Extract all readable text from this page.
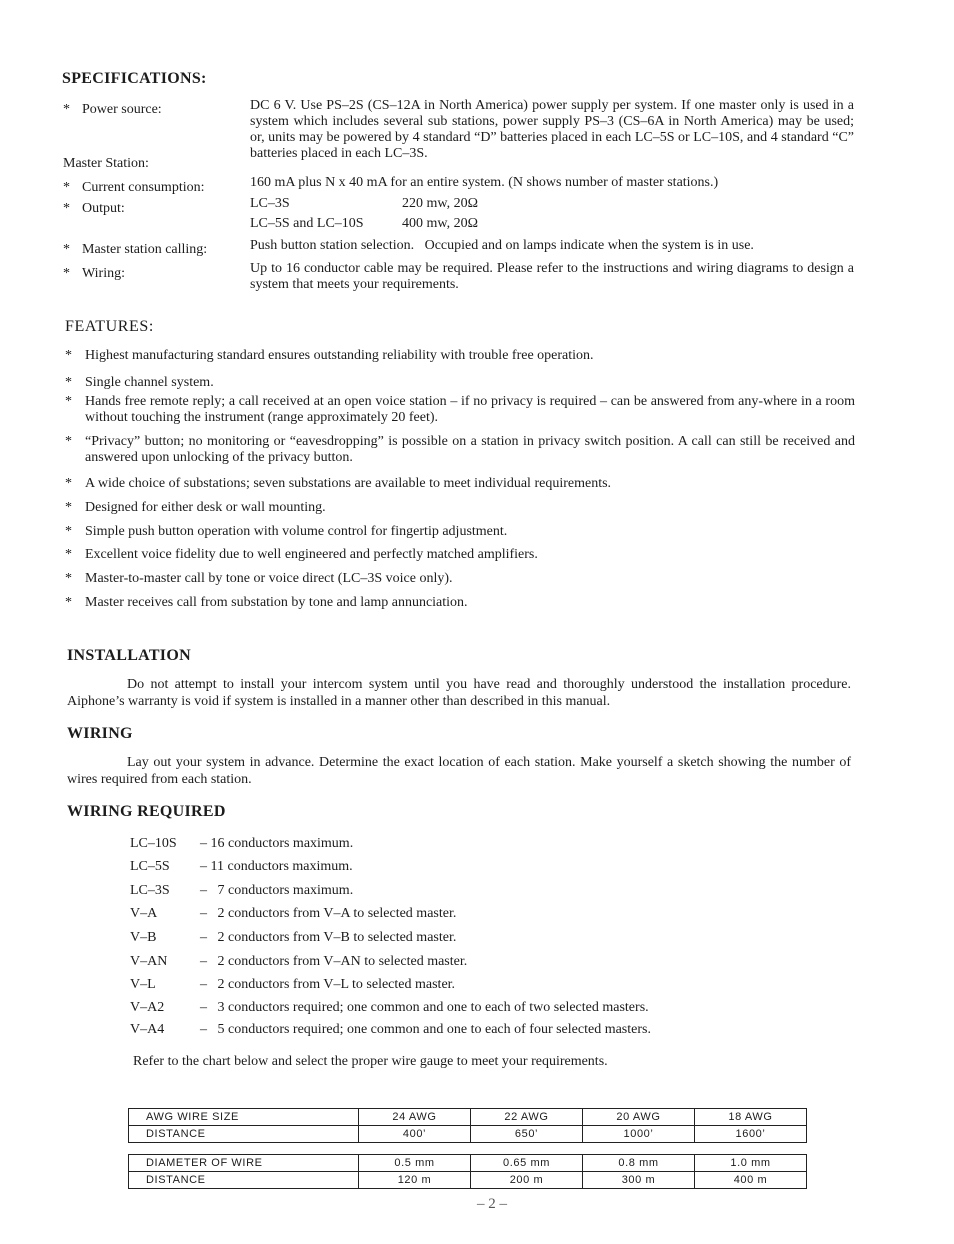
SPECIFICATIONS:
* Power source:	DC 6 V. Use PS–2S (CS–12A in North America) power supply per system. If one master only is used in a system which includes several sub stations, power supply PS–3 (CS–6A in North America) may be used; or, units may be powered by 4 standard “D” batteries placed in each LC–5S or LC–10S, and 4 standard “C” batteries placed in each LC–3S.
Master Station:
* Current consumption:	160 mA plus N x 40 mA for an entire system. (N shows number of master stations.)
* Output:	LC–3S	220 mw, 20Ω
LC–5S and LC–10S	400 mw, 20Ω
* Master station calling:	Push button station selection.   Occupied and on lamps indicate when the system is in use.
* Wiring:	Up to 16 conductor cable may be required. Please refer to the instructions and wiring diagrams to design a system that meets your requirements.
FEATURES:
* Highest manufacturing standard ensures outstanding reliability with trouble free operation.
* Single channel system.
* Hands free remote reply; a call received at an open voice station – if no privacy is required – can be answered from any-where in a room without touching the instrument (range approximately 20 feet).
* “Privacy” button; no monitoring or “eavesdropping” is possible on a station in privacy switch position. A call can still be received and answered upon unlocking of the privacy button.
* A wide choice of substations; seven substations are available to meet individual requirements.
* Designed for either desk or wall mounting.
* Simple push button operation with volume control for fingertip adjustment.
* Excellent voice fidelity due to well engineered and perfectly matched amplifiers.
* Master-to-master call by tone or voice direct (LC–3S voice only).
* Master receives call from substation by tone and lamp annunciation.
INSTALLATION
Do not attempt to install your intercom system until you have read and thoroughly understood the installation procedure. Aiphone’s warranty is void if system is installed in a manner other than described in this manual.
WIRING
Lay out your system in advance. Determine the exact location of each station. Make yourself a sketch showing the number of wires required from each station.
WIRING REQUIRED
LC–10S – 16 conductors maximum.
LC–5S – 11 conductors maximum.
LC–3S –   7 conductors maximum.
V–A	–   2 conductors from V–A to selected master.
V–B	–   2 conductors from V–B to selected master.
V–AN –   2 conductors from V–AN to selected master.
V–L	–   2 conductors from V–L to selected master.
V–A2	–   3 conductors required; one common and one to each of two selected masters.
V–A4	–   5 conductors required; one common and one to each of four selected masters.
Refer to the chart below and select the proper wire gauge to meet your requirements.
AWG WIRE SIZE	24 AWG	22 AWG	20 AWG	18 AWG
DISTANCE	400’	650’	1000’	1600’
DIAMETER OF WIRE	0.5 mm	0.65 mm	0.8 mm	1.0 mm
DISTANCE	120 m	200 m	300 m	400 m
– 2 –
